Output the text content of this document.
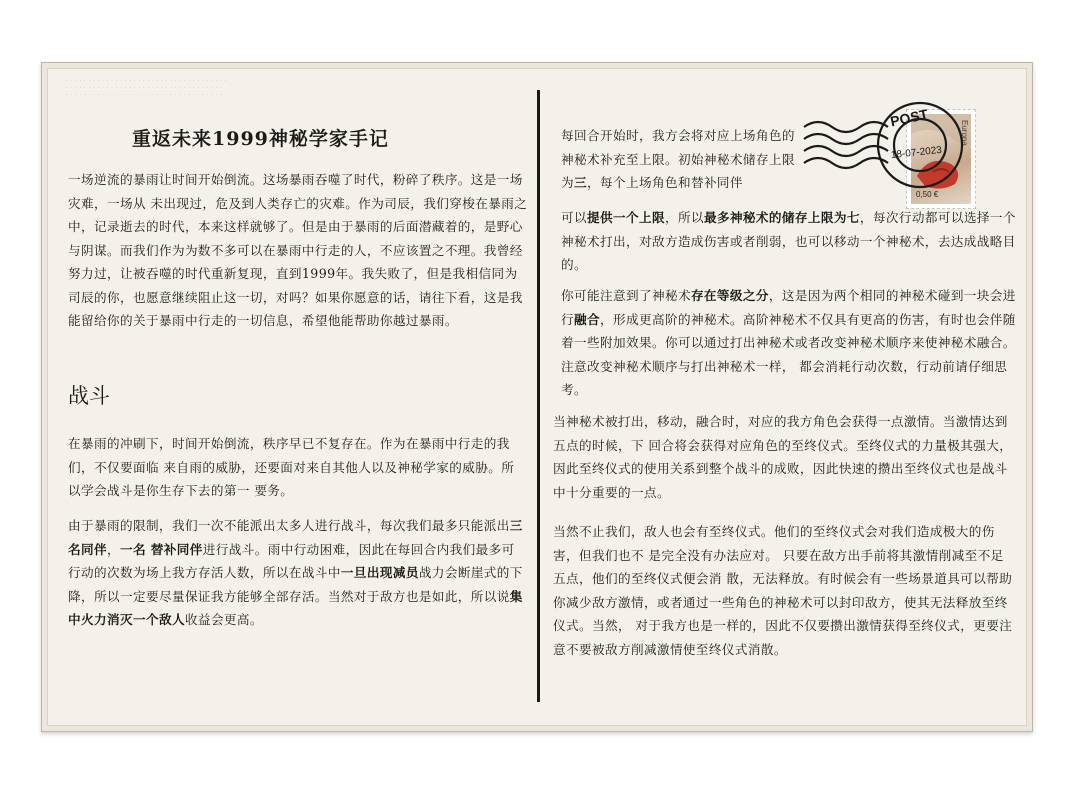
· · · · · · · · · · · · · · · · · · · · · · · · · · · · · · · · · · · ·
· · · · · · · · · · · · · · · · · · · · · · · · · · · · · · · · · · ·
· · · · · · · · · · · · · · · · · · · · · · · · · · · · · · · · · · ·
重返未来1999神秘学家手记

一场逆流的暴雨让时间开始倒流。这场暴雨吞噬了时代，粉碎了秩序。这是一场灾难，一场从 未出现过，危及到人类存亡的灾难。作为司辰，我们穿梭在暴雨之中，记录逝去的时代，本来这样就够了。但是由于暴雨的后面潜藏着的，是野心与阴谋。而我们作为为数不多可以在暴雨中行走的人，不应该置之不理。我曾经努力过，让被吞噬的时代重新复现，直到1999年。我失败了，但是我相信同为司辰的你，也愿意继续阻止这一切，对吗？如果你愿意的话，请往下看，这是我能留给你的关于暴雨中行走的一切信息，希望他能帮助你越过暴雨。

战斗

在暴雨的冲刷下，时间开始倒流，秩序早已不复存在。作为在暴雨中行走的我们，不仅要面临 来自雨的威胁，还要面对来自其他人以及神秘学家的威胁。所以学会战斗是你生存下去的第一 要务。

由于暴雨的限制，我们一次不能派出太多人进行战斗，每次我们最多只能派出三名同伴，一名 替补同伴进行战斗。雨中行动困难，因此在每回合内我们最多可行动的次数为场上我方存活人数，所以在战斗中一旦出现减员战力会断崖式的下降，所以一定要尽量保证我方能够全部存活。当然对于敌方也是如此，所以说集中火力消灭一个敌人收益会更高。

每回合开始时，我方会将对应上场角色的神秘术补充至上限。初始神秘术储存上限为三，每个上场角色和替补同伴

可以提供一个上限，所以最多神秘术的储存上限为七，每次行动都可以选择一个神秘术打出，对敌方造成伤害或者削弱，也可以移动一个神秘术，去达成战略目的。

你可能注意到了神秘术存在等级之分，这是因为两个相同的神秘术碰到一块会进行融合，形成更高阶的神秘术。高阶神秘术不仅具有更高的伤害，有时也会伴随着一些附加效果。你可以通过打出神秘术或者改变神秘术顺序来使神秘术融合。注意改变神秘术顺序与打出神秘术一样， 都会消耗行动次数，行动前请仔细思考。

当神秘术被打出，移动，融合时，对应的我方角色会获得一点激情。当激情达到五点的时候，下 回合将会获得对应角色的至终仪式。至终仪式的力量极其强大，因此至终仪式的使用关系到整个战斗的成败，因此快速的攒出至终仪式也是战斗中十分重要的一点。

当然不止我们，敌人也会有至终仪式。他们的至终仪式会对我们造成极大的伤害，但我们也不 是完全没有办法应对。 只要在敌方出手前将其激情削减至不足五点，他们的至终仪式便会消 散，无法释放。有时候会有一些场景道具可以帮助你减少敌方激情，或者通过一些角色的神秘术可以封印敌方，使其无法释放至终仪式。当然， 对于我方也是一样的，因此不仅要攒出激情获得至终仪式，更要注意不要被敌方削减激情使至终仪式消散。

Europa
0,50 €
POST
18-07-2023
